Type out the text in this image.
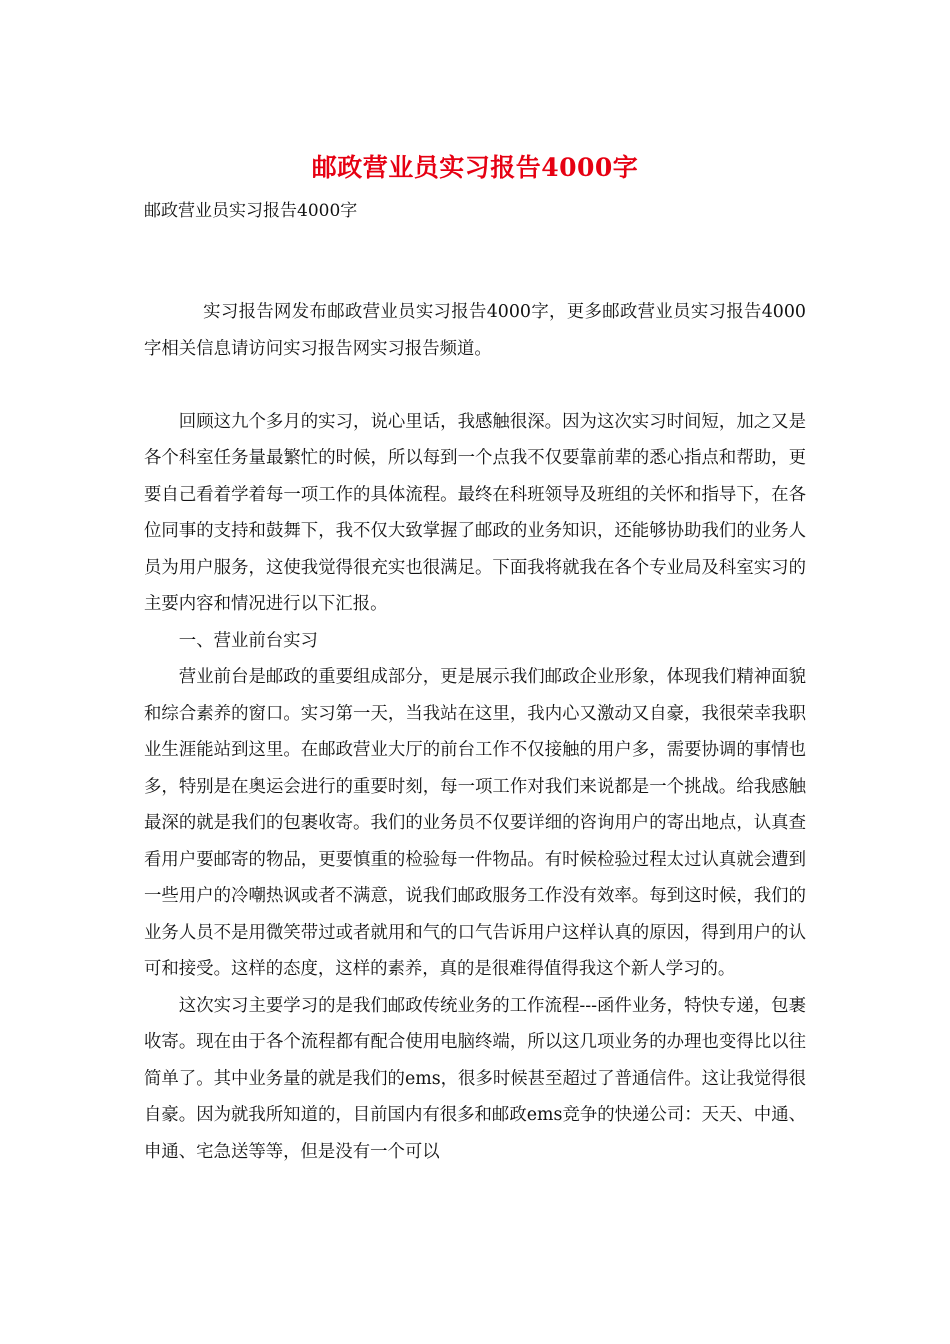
邮政营业员实习报告4000字
邮政营业员实习报告4000字

实习报告网发布邮政营业员实习报告4000字，更多邮政营业员实习报告4000字相关信息请访问实习报告网实习报告频道。

回顾这九个多月的实习，说心里话，我感触很深。因为这次实习时间短，加之又是各个科室任务量最繁忙的时候，所以每到一个点我不仅要靠前辈的悉心指点和帮助，更要自己看着学着每一项工作的具体流程。最终在科班领导及班组的关怀和指导下，在各位同事的支持和鼓舞下，我不仅大致掌握了邮政的业务知识，还能够协助我们的业务人员为用户服务，这使我觉得很充实也很满足。下面我将就我在各个专业局及科室实习的主要内容和情况进行以下汇报。

一、营业前台实习

营业前台是邮政的重要组成部分，更是展示我们邮政企业形象，体现我们精神面貌和综合素养的窗口。实习第一天，当我站在这里，我内心又激动又自豪，我很荣幸我职业生涯能站到这里。在邮政营业大厅的前台工作不仅接触的用户多，需要协调的事情也多，特别是在奥运会进行的重要时刻，每一项工作对我们来说都是一个挑战。给我感触最深的就是我们的包裹收寄。我们的业务员不仅要详细的咨询用户的寄出地点，认真查看用户要邮寄的物品，更要慎重的检验每一件物品。有时候检验过程太过认真就会遭到一些用户的冷嘲热讽或者不满意，说我们邮政服务工作没有效率。每到这时候，我们的业务人员不是用微笑带过或者就用和气的口气告诉用户这样认真的原因，得到用户的认可和接受。这样的态度，这样的素养，真的是很难得值得我这个新人学习的。

这次实习主要学习的是我们邮政传统业务的工作流程---函件业务，特快专递，包裹收寄。现在由于各个流程都有配合使用电脑终端，所以这几项业务的办理也变得比以往简单了。其中业务量的就是我们的ems，很多时候甚至超过了普通信件。这让我觉得很自豪。因为就我所知道的，目前国内有很多和邮政ems竞争的快递公司：天天、中通、申通、宅急送等等，但是没有一个可以
